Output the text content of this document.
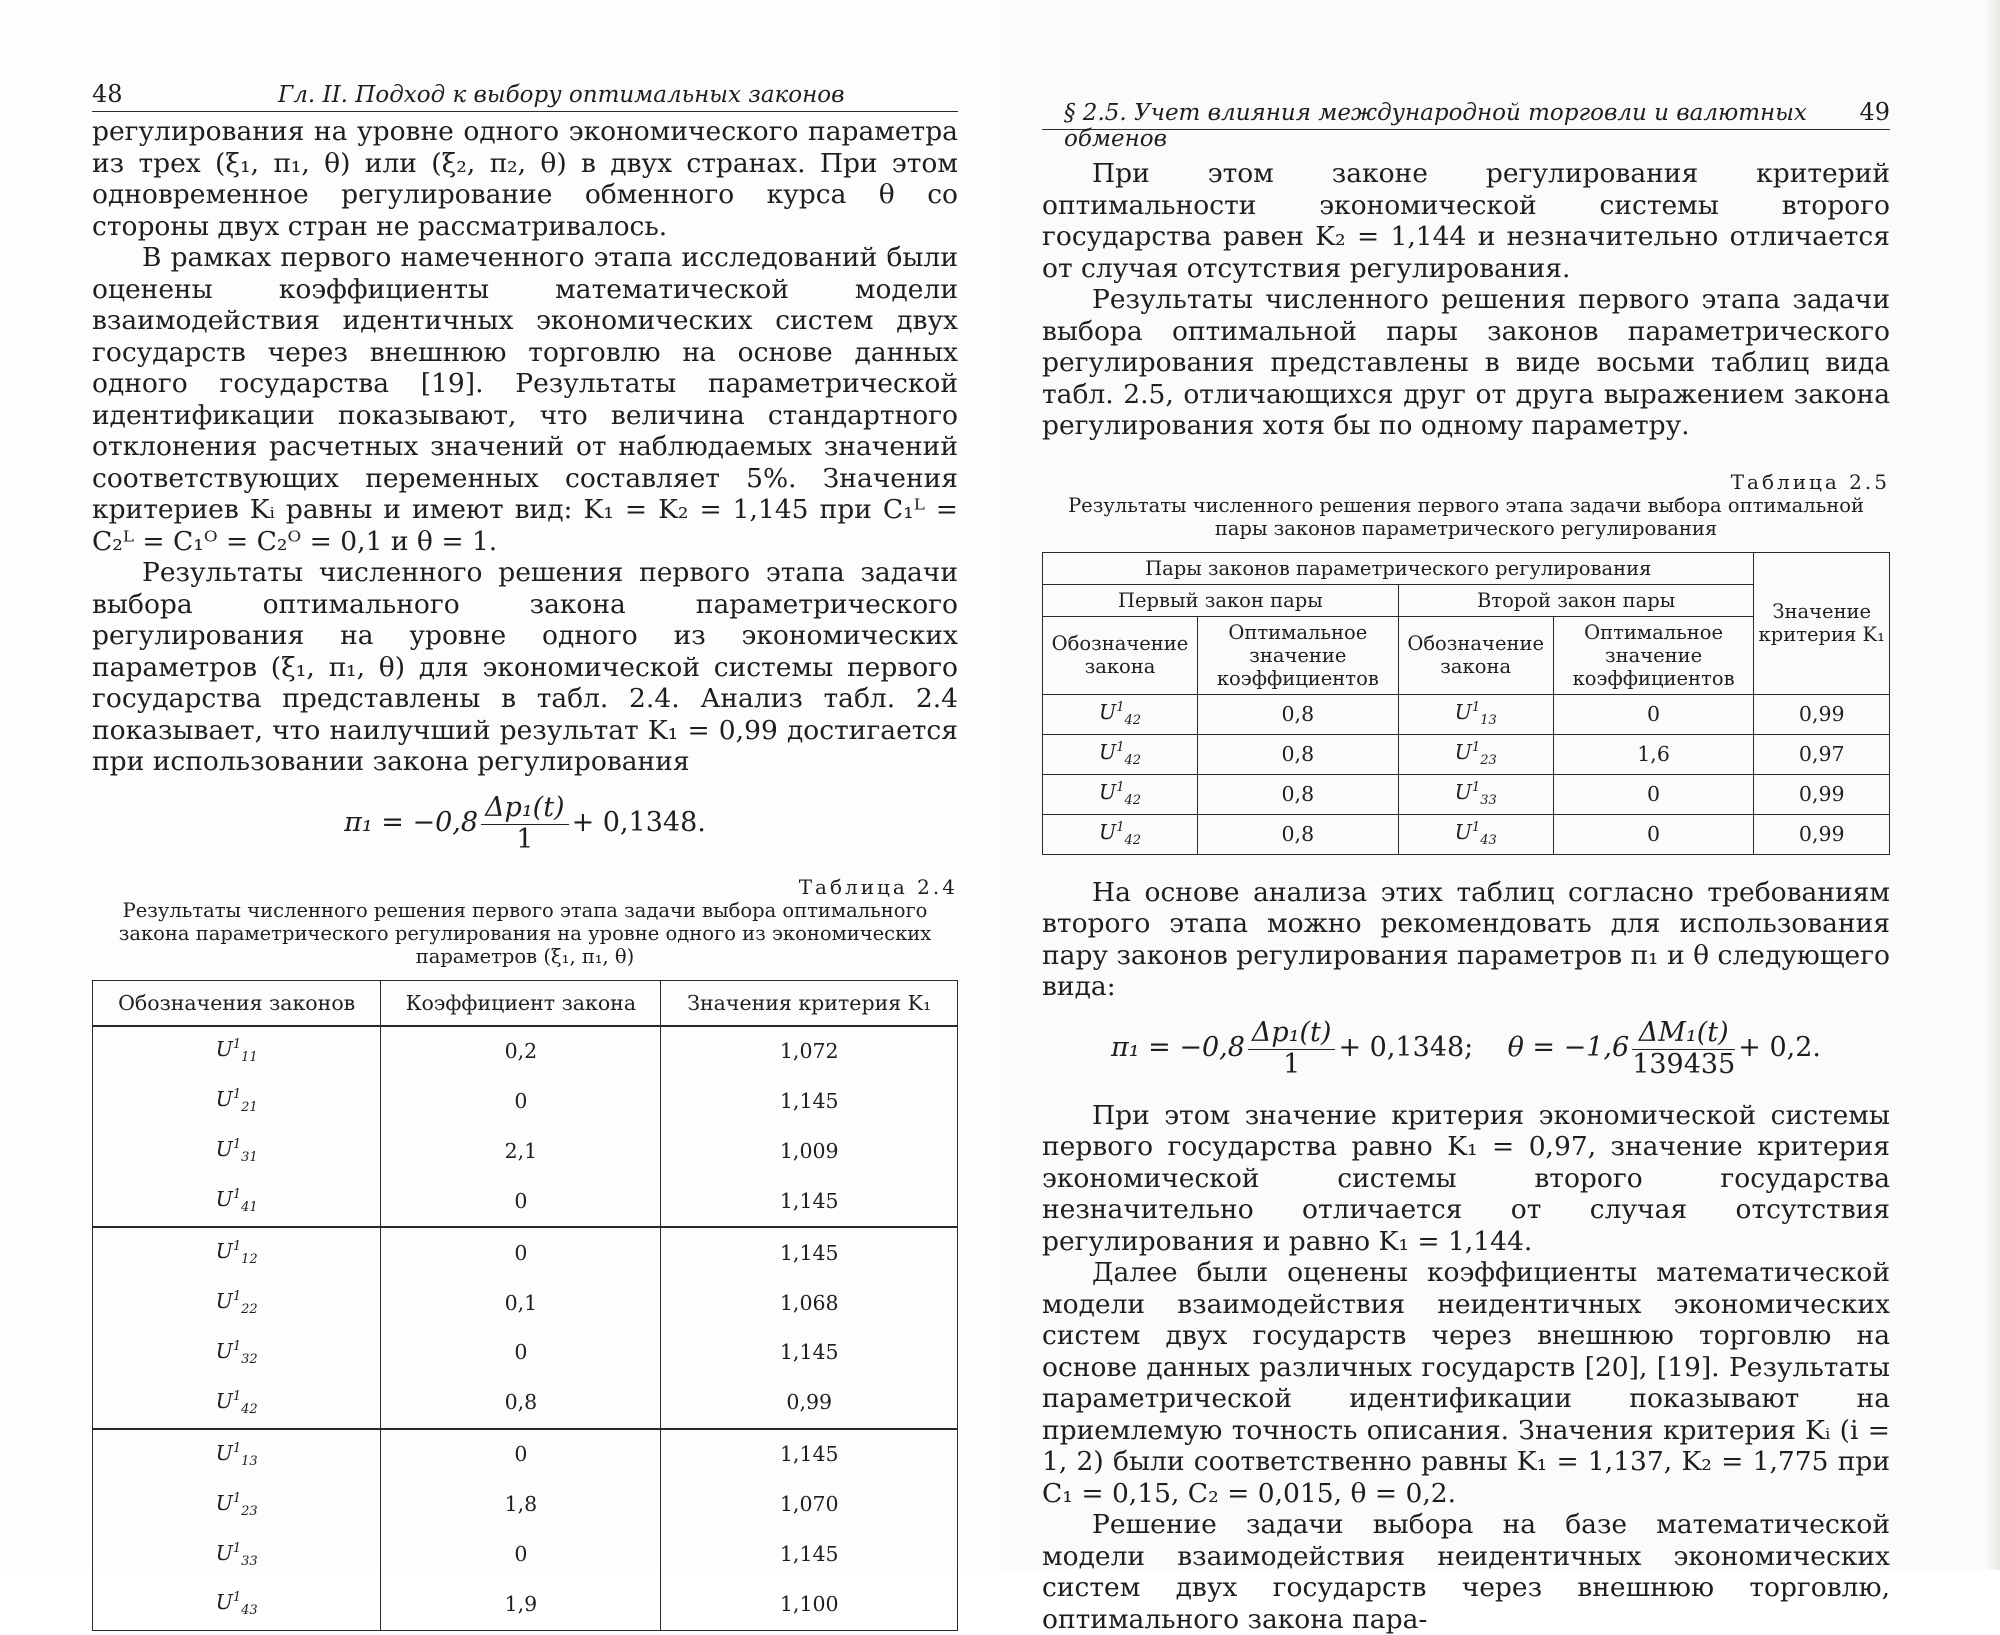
48	Гл. II. Подход к выбору оптимальных законов

регулирования на уровне одного экономического параметра из трех (ξ₁, π₁, θ) или (ξ₂, π₂, θ) в двух странах. При этом одновременное регулирование обменного курса θ со стороны двух стран не рассматривалось.

В рамках первого намеченного этапа исследований были оценены коэффициенты математической модели взаимодействия идентичных экономических систем двух государств через внешнюю торговлю на основе данных одного государства [19]. Результаты параметрической идентификации показывают, что величина стандартного отклонения расчетных значений от наблюдаемых значений соответствующих переменных составляет 5%. Значения критериев Kᵢ равны и имеют вид: K₁ = K₂ = 1,145 при C₁ᴸ = C₂ᴸ = C₁ᴼ = C₂ᴼ = 0,1 и θ = 1.

Результаты численного решения первого этапа задачи выбора оптимального закона параметрического регулирования на уровне одного из экономических параметров (ξ₁, π₁, θ) для экономической системы первого государства представлены в табл. 2.4. Анализ табл. 2.4 показывает, что наилучший результат K₁ = 0,99 достигается при использовании закона регулирования

$\pi_1 = -0,8 \frac{\text{Δp₁(t)}}{1} + 0,1348$.
Таблица 2.4
Результаты численного решения первого этапа задачи выбора оптимального закона параметрического регулирования на уровне одного из экономических параметров (ξ₁, π₁, θ)
Обозначения законов	Коэффициент закона	Значения критерия K₁
$U^1_{11}$	0,2	1,072
$U^1_{21}$	0	1,145
$U^1_{31}$	2,1	1,009
$U^1_{41}$	0	1,145
$U^1_{12}$	0	1,145
$U^1_{22}$	0,1	1,068
$U^1_{32}$	0	1,145
$U^1_{42}$	0,8	0,99
$U^1_{13}$	0	1,145
$U^1_{23}$	1,8	1,070
$U^1_{33}$	0	1,145
$U^1_{43}$	1,9	1,100
§ 2.5. Учет влияния международной торговли и валютных обменов
49

При этом законе регулирования критерий оптимальности экономической системы второго государства равен K₂ = 1,144 и незначительно отличается от случая отсутствия регулирования.

Результаты численного решения первого этапа задачи выбора оптимальной пары законов параметрического регулирования представлены в виде восьми таблиц вида табл. 2.5, отличающихся друг от друга выражением закона регулирования хотя бы по одному параметру.

Таблица 2.5
Результаты численного решения первого этапа задачи выбора оптимальной пары законов параметрического регулирования
Пары законов параметрического регулирования				Значение критерия K₁
Первый закон пары		Второй закон пары		
Обозначение закона	Оптимальное значение коэффициентов	Обозначение закона	Оптимальное значение коэффициентов	
$U^1_{42}$	0,8	$U^1_{13}$	0	0,99
$U^1_{42}$	0,8	$U^1_{23}$	1,6	0,97
$U^1_{42}$	0,8	$U^1_{33}$	0	0,99
$U^1_{42}$	0,8	$U^1_{43}$	0	0,99

На основе анализа этих таблиц согласно требованиям второго этапа можно рекомендовать для использования пару законов регулирования параметров π₁ и θ следующего вида:

$\pi_1 = -0,8 \frac{\text{Δp₁(t)}}{1} + 0,1348$; $\theta = -1,6 \frac{\text{ΔM₁(t)}}{139435} + 0,2$.

При этом значение критерия экономической системы первого государства равно K₁ = 0,97, значение критерия экономической системы второго государства незначительно отличается от случая отсутствия регулирования и равно K₁ = 1,144.

Далее были оценены коэффициенты математической модели взаимодействия неидентичных экономических систем двух государств через внешнюю торговлю на основе данных различных государств [20], [19]. Результаты параметрической идентификации показывают на приемлемую точность описания. Значения критерия Kᵢ (i = 1, 2) были соответственно равны K₁ = 1,137, K₂ = 1,775 при C₁ = 0,15, C₂ = 0,015, θ = 0,2.

Решение задачи выбора на базе математической модели взаимодействия неидентичных экономических систем двух государств через внешнюю торговлю, оптимального закона пара-
